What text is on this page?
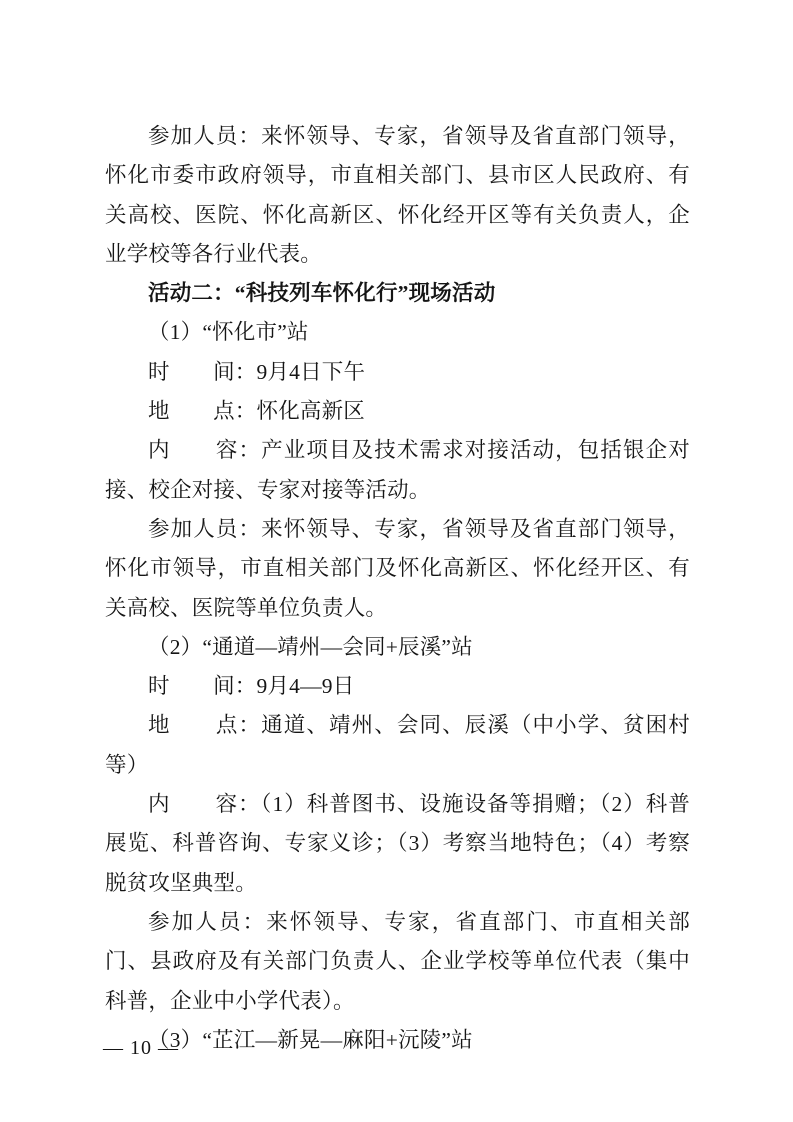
参加人员：来怀领导、专家，省领导及省直部门领导，怀化市委市政府领导，市直相关部门、县市区人民政府、有关高校、医院、怀化高新区、怀化经开区等有关负责人，企业学校等各行业代表。

活动二：“科技列车怀化行”现场活动

（1）“怀化市”站

时　　间：9月4日下午

地　　点：怀化高新区

内　　容：产业项目及技术需求对接活动，包括银企对接、校企对接、专家对接等活动。

参加人员：来怀领导、专家，省领导及省直部门领导，怀化市领导，市直相关部门及怀化高新区、怀化经开区、有关高校、医院等单位负责人。

（2）“通道—靖州—会同+辰溪”站

时　　间：9月4—9日

地　　点：通道、靖州、会同、辰溪（中小学、贫困村等）

内　　容：（1）科普图书、设施设备等捐赠；（2）科普展览、科普咨询、专家义诊；（3）考察当地特色；（4）考察脱贫攻坚典型。

参加人员：来怀领导、专家，省直部门、市直相关部门、县政府及有关部门负责人、企业学校等单位代表（集中科普，企业中小学代表）。

（3）“芷江—新晃—麻阳+沅陵”站

— 10 —
